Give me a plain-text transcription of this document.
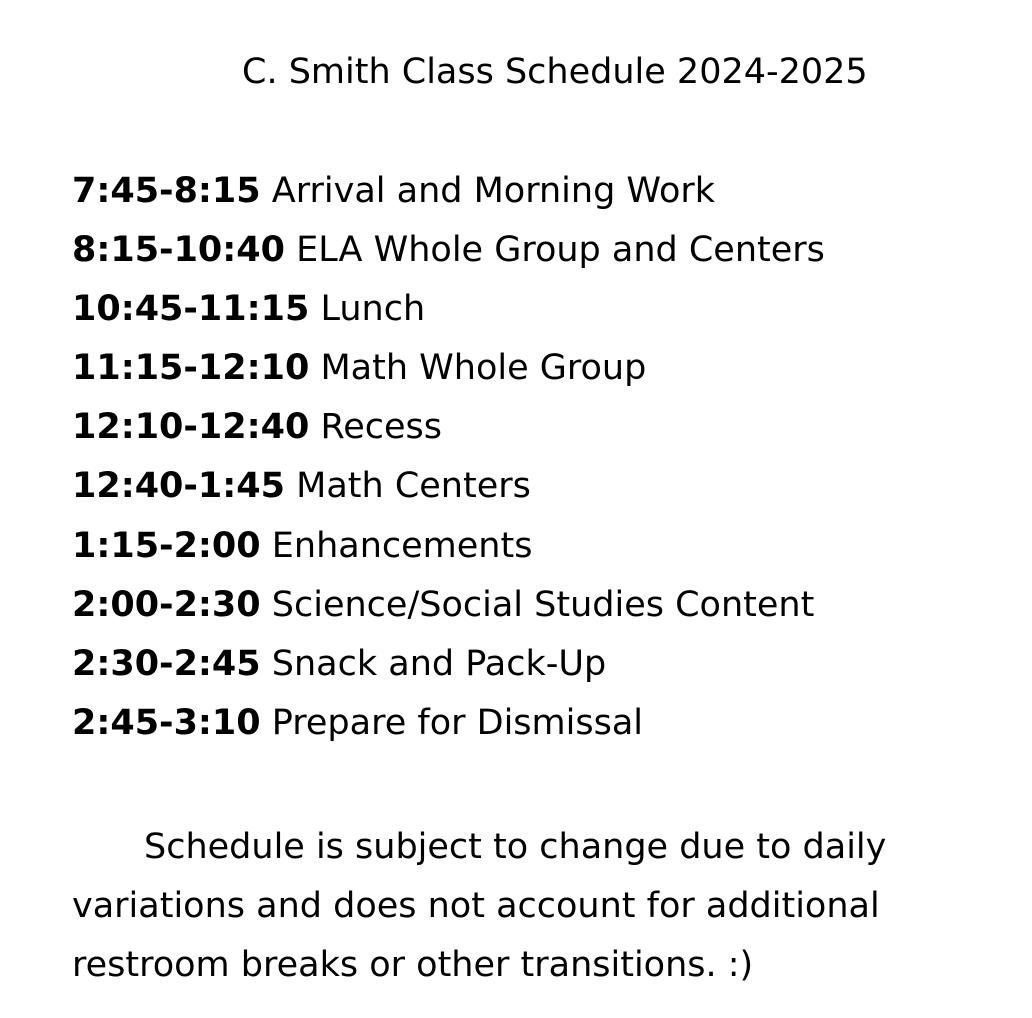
C. Smith Class Schedule 2024-2025
7:45-8:15 Arrival and Morning Work
8:15-10:40 ELA Whole Group and Centers
10:45-11:15 Lunch
11:15-12:10 Math Whole Group
12:10-12:40 Recess
12:40-1:45 Math Centers
1:15-2:00 Enhancements
2:00-2:30 Science/Social Studies Content
2:30-2:45 Snack and Pack-Up
2:45-3:10 Prepare for Dismissal

Schedule is subject to change due to daily variations and does not account for additional restroom breaks or other transitions. :)
